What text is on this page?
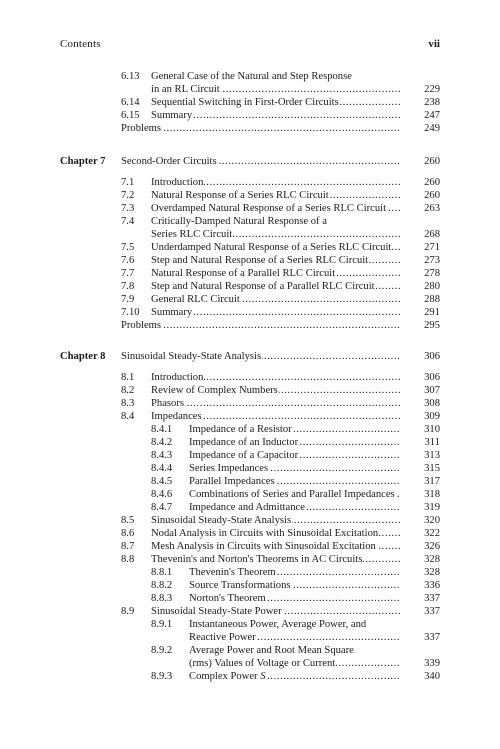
Contents	vii
6.13 General Case of the Natural and Step Response
in an RL Circuit .....	229
6.14 Sequential Switching in First-Order Circuits .....	238
6.15 Summary .....	247
Problems .....	249
Chapter 7 Second-Order Circuits .....	260
7.1 Introduction .....	260
7.2 Natural Response of a Series RLC Circuit .....	260
7.3 Overdamped Natural Response of a Series RLC Circuit .....	263
7.4 Critically-Damped Natural Response of a
Series RLC Circuit .....	268
7.5 Underdamped Natural Response of a Series RLC Circuit .....	271
7.6 Step and Natural Response of a Series RLC Circuit .....	273
7.7 Natural Response of a Parallel RLC Circuit .....	278
7.8 Step and Natural Response of a Parallel RLC Circuit .....	280
7.9 General RLC Circuit .....	288
7.10 Summary .....	291
Problems .....	295
Chapter 8 Sinusoidal Steady-State Analysis .....	306
8.1 Introduction .....	306
8.2 Review of Complex Numbers .....	307
8.3 Phasors .....	308
8.4 Impedances .....	309
8.4.1 Impedance of a Resistor .....	310
8.4.2 Impedance of an Inductor .....	311
8.4.3 Impedance of a Capacitor .....	313
8.4.4 Series Impedances .....	315
8.4.5 Parallel Impedances .....	317
8.4.6 Combinations of Series and Parallel Impedances .....	318
8.4.7 Impedance and Admittance .....	319
8.5 Sinusoidal Steady-State Analysis .....	320
8.6 Nodal Analysis in Circuits with Sinusoidal Excitation .....	322
8.7 Mesh Analysis in Circuits with Sinusoidal Excitation .....	326
8.8 Thevenin's and Norton's Theorems in AC Circuits .....	328
8.8.1 Thevenin's Theorem .....	328
8.8.2 Source Transformations .....	336
8.8.3 Norton's Theorem .....	337
8.9 Sinusoidal Steady-State Power .....	337
8.9.1 Instantaneous Power, Average Power, and
Reactive Power .....	337
8.9.2 Average Power and Root Mean Square
(rms) Values of Voltage or Current .....	339
8.9.3 Complex Power S .....	340
